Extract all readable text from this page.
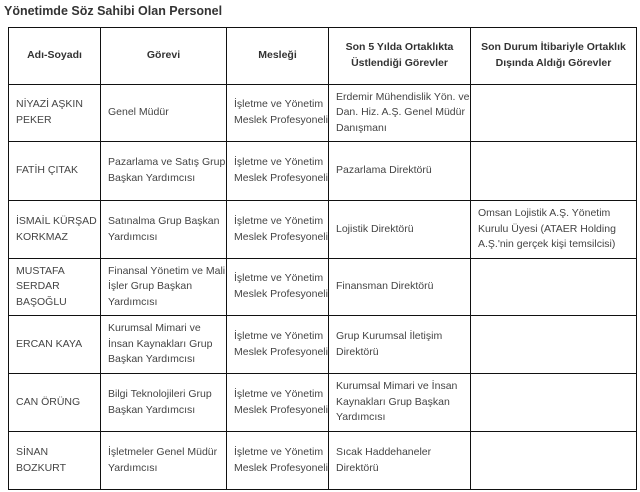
Yönetimde Söz Sahibi Olan Personel
Adı-Soyadı	Görevi	Mesleği	Son 5 Yılda Ortaklıkta Üstlendiği Görevler	Son Durum İtibariyle Ortaklık Dışında Aldığı Görevler
NİYAZİ AŞKIN PEKER	Genel Müdür	İşletme ve Yönetim Meslek Profesyoneli	Erdemir Mühendislik Yön. ve Dan. Hiz. A.Ş. Genel Müdür Danışmanı	
FATİH ÇITAK	Pazarlama ve Satış Grup Başkan Yardımcısı	İşletme ve Yönetim Meslek Profesyoneli	Pazarlama Direktörü	
İSMAİL KÜRŞAD KORKMAZ	Satınalma Grup Başkan Yardımcısı	İşletme ve Yönetim Meslek Profesyoneli	Lojistik Direktörü	Omsan Lojistik A.Ş. Yönetim Kurulu Üyesi (ATAER Holding A.Ş.'nin gerçek kişi temsilcisi)
MUSTAFA SERDAR BAŞOĞLU	Finansal Yönetim ve Mali İşler Grup Başkan Yardımcısı	İşletme ve Yönetim Meslek Profesyoneli	Finansman Direktörü	
ERCAN KAYA	Kurumsal Mimari ve İnsan Kaynakları Grup Başkan Yardımcısı	İşletme ve Yönetim Meslek Profesyoneli	Grup Kurumsal İletişim Direktörü	
CAN ÖRÜNG	Bilgi Teknolojileri Grup Başkan Yardımcısı	İşletme ve Yönetim Meslek Profesyoneli	Kurumsal Mimari ve İnsan Kaynakları Grup Başkan Yardımcısı	
SİNAN BOZKURT	İşletmeler Genel Müdür Yardımcısı	İşletme ve Yönetim Meslek Profesyoneli	Sıcak Haddehaneler Direktörü	
